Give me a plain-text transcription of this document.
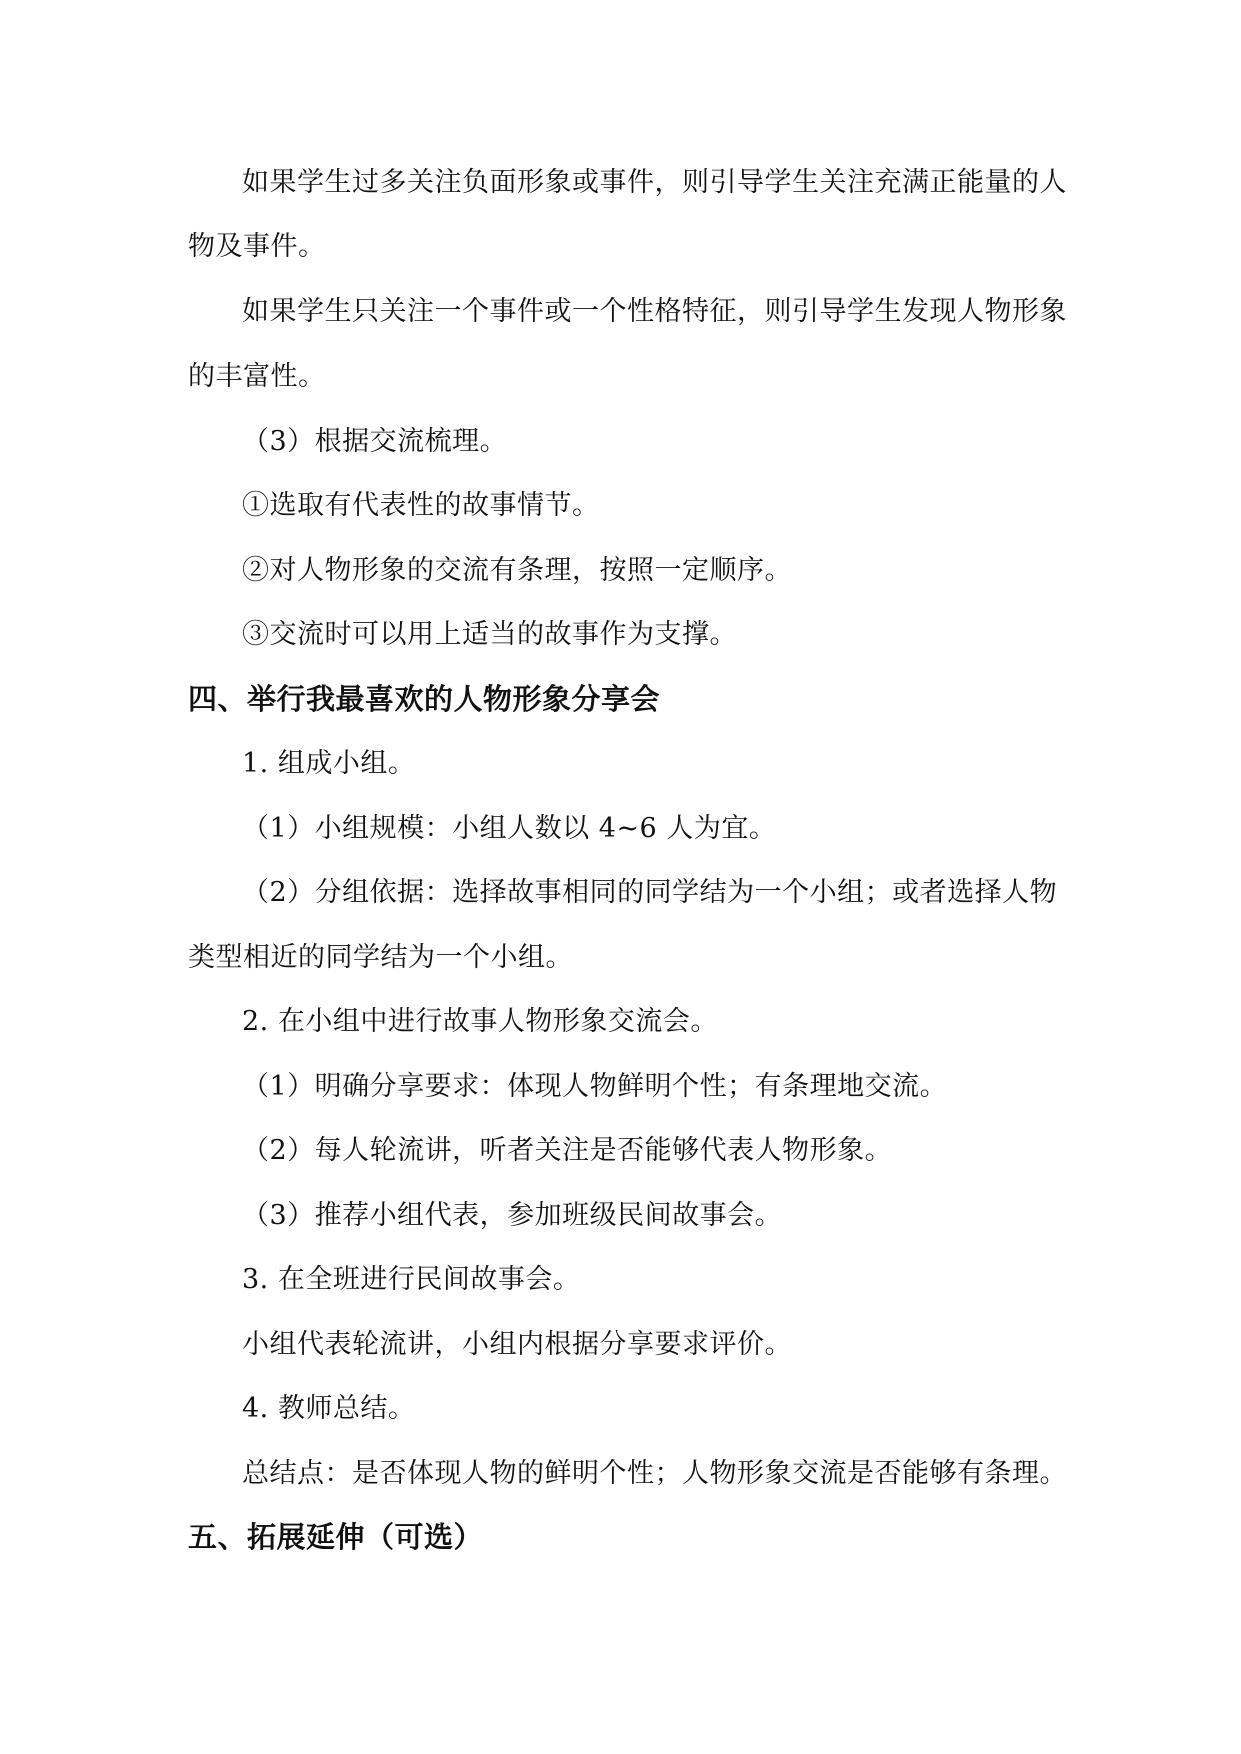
如果学生过多关注负面形象或事件，则引导学生关注充满正能量的人
物及事件。
如果学生只关注一个事件或一个性格特征，则引导学生发现人物形象
的丰富性。
（3）根据交流梳理。
①选取有代表性的故事情节。
②对人物形象的交流有条理，按照一定顺序。
③交流时可以用上适当的故事作为支撑。
四、举行我最喜欢的人物形象分享会
1. 组成小组。
（1）小组规模：小组人数以 4~6 人为宜。
（2）分组依据：选择故事相同的同学结为一个小组；或者选择人物
类型相近的同学结为一个小组。
2. 在小组中进行故事人物形象交流会。
（1）明确分享要求：体现人物鲜明个性；有条理地交流。
（2）每人轮流讲，听者关注是否能够代表人物形象。
（3）推荐小组代表，参加班级民间故事会。
3. 在全班进行民间故事会。
小组代表轮流讲，小组内根据分享要求评价。
4. 教师总结。
总结点：是否体现人物的鲜明个性；人物形象交流是否能够有条理。
五、拓展延伸（可选）
